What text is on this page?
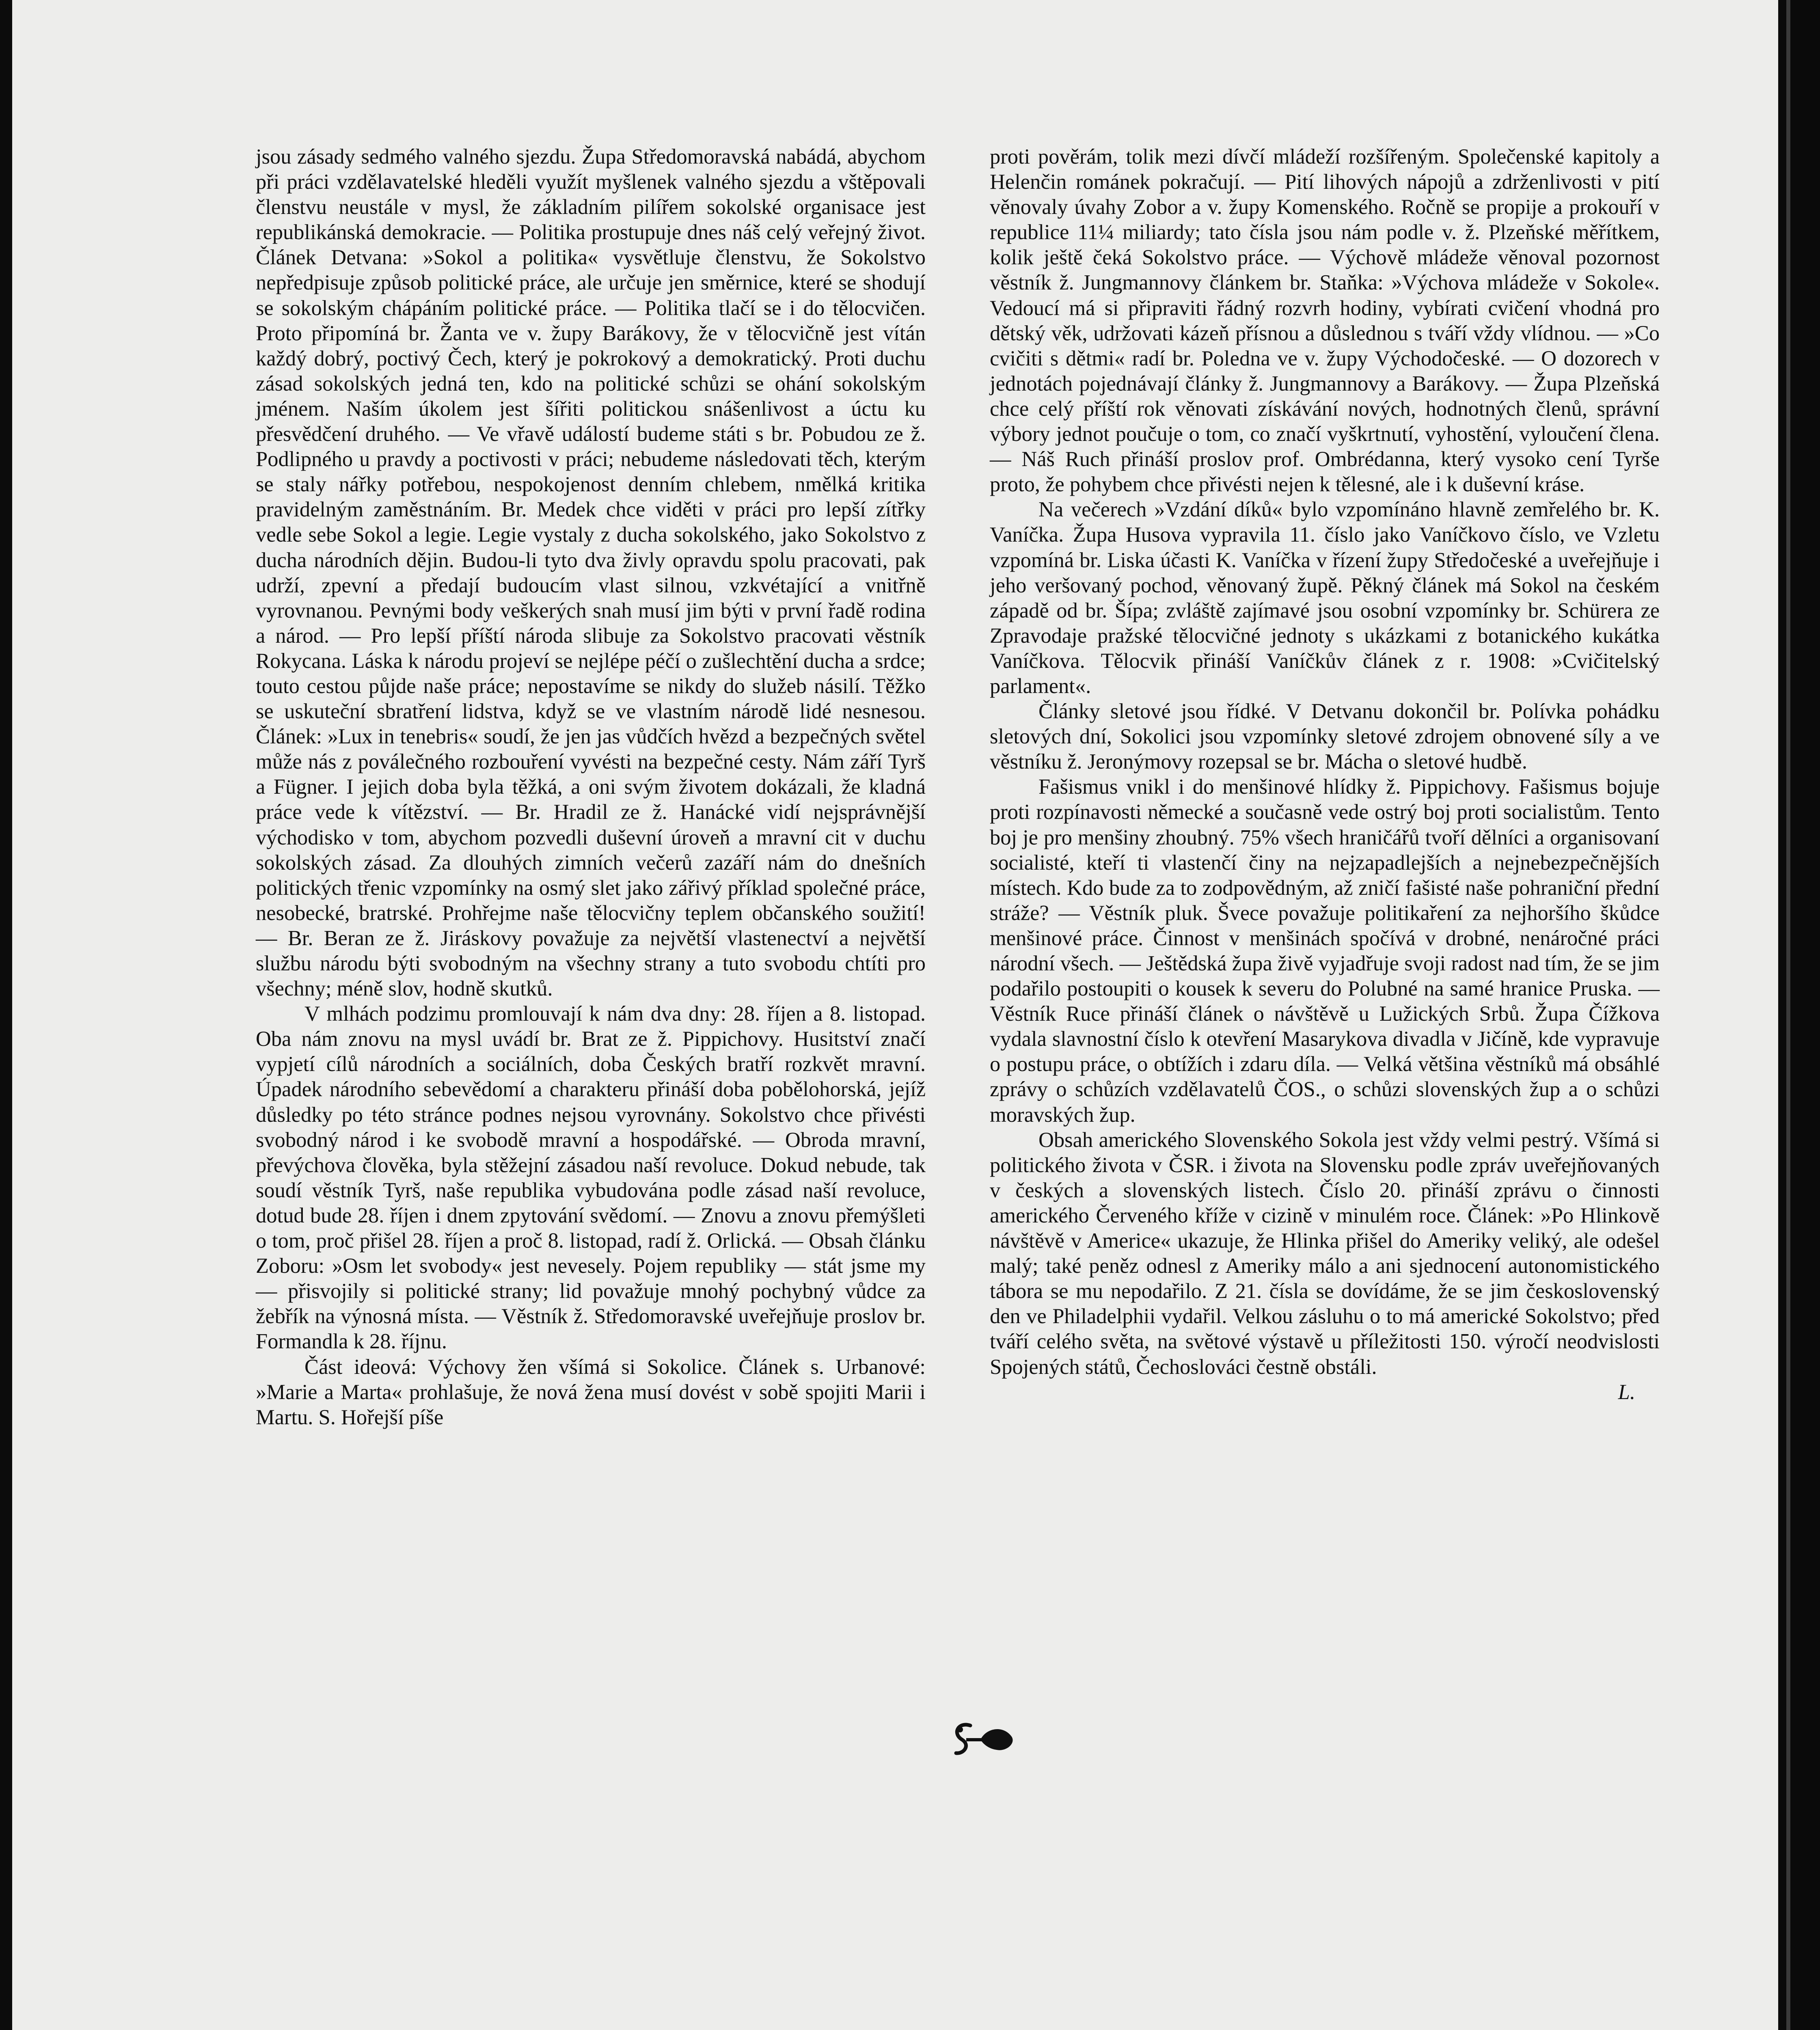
jsou zásady sedmého valného sjezdu. Župa Středomoravská nabádá, abychom při práci vzdělavatelské hleděli využít myšlenek valného sjezdu a vštěpovali členstvu neustále v mysl, že základním pilířem sokolské organisace jest republikánská demokracie. — Politika prostupuje dnes náš celý veřejný život. Článek Detvana: »Sokol a politika« vysvětluje členstvu, že Sokolstvo nepředpisuje způsob politické práce, ale určuje jen směrnice, které se shodují se sokolským chápáním politické práce. — Politika tlačí se i do tělocvičen. Proto připomíná br. Žanta ve v. župy Barákovy, že v tělocvičně jest vítán každý dobrý, poctivý Čech, který je pokrokový a demokratický. Proti duchu zásad sokolských jedná ten, kdo na politické schůzi se ohání sokolským jménem. Naším úkolem jest šířiti politickou snášenlivost a úctu ku přesvědčení druhého. — Ve vřavě událostí budeme státi s br. Pobudou ze ž. Podlipného u pravdy a poctivosti v práci; nebudeme následovati těch, kterým se staly nářky potřebou, nespokojenost denním chlebem, nmělká kritika pravidelným zaměstnáním. Br. Medek chce viděti v práci pro lepší zítřky vedle sebe Sokol a legie. Legie vystaly z ducha sokolského, jako Sokolstvo z ducha národních dějin. Budou-li tyto dva živly opravdu spolu pracovati, pak udrží, zpevní a předají budoucím vlast silnou, vzkvétající a vnitřně vyrovnanou. Pevnými body veškerých snah musí jim býti v první řadě rodina a národ. — Pro lepší příští národa slibuje za Sokolstvo pracovati věstník Rokycana. Láska k národu projeví se nejlépe péčí o zušlechtění ducha a srdce; touto cestou půjde naše práce; nepostavíme se nikdy do služeb násilí. Těžko se uskuteční sbratření lidstva, když se ve vlastním národě lidé nesnesou. Článek: »Lux in tenebris« soudí, že jen jas vůdčích hvězd a bezpečných světel může nás z poválečného rozbouření vyvésti na bezpečné cesty. Nám září Tyrš a Fügner. I jejich doba byla těžká, a oni svým životem dokázali, že kladná práce vede k vítězství. — Br. Hradil ze ž. Hanácké vidí nejsprávnější východisko v tom, abychom pozvedli duševní úroveň a mravní cit v duchu sokolských zásad. Za dlouhých zimních večerů zazáří nám do dnešních politických třenic vzpomínky na osmý slet jako zářivý příklad společné práce, nesobecké, bratrské. Prohřejme naše tělocvičny teplem občanského soužití! — Br. Beran ze ž. Jiráskovy považuje za největší vlastenectví a největší službu národu býti svobodným na všechny strany a tuto svobodu chtíti pro všechny; méně slov, hodně skutků.

V mlhách podzimu promlouvají k nám dva dny: 28. říjen a 8. listopad. Oba nám znovu na mysl uvádí br. Brat ze ž. Pippichovy. Husitství značí vypjetí cílů národních a sociálních, doba Českých bratří rozkvět mravní. Úpadek národního sebevědomí a charakteru přináší doba pobělohorská, jejíž důsledky po této stránce podnes nejsou vyrovnány. Sokolstvo chce přivésti svobodný národ i ke svobodě mravní a hospodářské. — Obroda mravní, převýchova člověka, byla stěžejní zásadou naší revoluce. Dokud nebude, tak soudí věstník Tyrš, naše republika vybudována podle zásad naší revoluce, dotud bude 28. říjen i dnem zpytování svědomí. — Znovu a znovu přemýšleti o tom, proč přišel 28. říjen a proč 8. listopad, radí ž. Orlická. — Obsah článku Zoboru: »Osm let svobody« jest nevesely. Pojem republiky — stát jsme my — přisvojily si politické strany; lid považuje mnohý pochybný vůdce za žebřík na výnosná místa. — Věstník ž. Středomoravské uveřejňuje proslov br. Formandla k 28. říjnu.

Část ideová: Výchovy žen všímá si Sokolice. Článek s. Urbanové: »Marie a Marta« prohlašuje, že nová žena musí dovést v sobě spojiti Marii i Martu. S. Hořejší píše

proti pověrám, tolik mezi dívčí mládeží rozšířeným. Společenské kapitoly a Helenčin románek pokračují. — Pití lihových nápojů a zdrženlivosti v pití věnovaly úvahy Zobor a v. župy Komenského. Ročně se propije a prokouří v republice 11¼ miliardy; tato čísla jsou nám podle v. ž. Plzeňské měřítkem, kolik ještě čeká Sokolstvo práce. — Výchově mládeže věnoval pozornost věstník ž. Jungmannovy článkem br. Staňka: »Výchova mládeže v Sokole«. Vedoucí má si připraviti řádný rozvrh hodiny, vybírati cvičení vhodná pro dětský věk, udržovati kázeň přísnou a důslednou s tváří vždy vlídnou. — »Co cvičiti s dětmi« radí br. Poledna ve v. župy Východočeské. — O dozorech v jednotách pojednávají články ž. Jungmannovy a Barákovy. — Župa Plzeňská chce celý příští rok věnovati získávání nových, hodnotných členů, správní výbory jednot poučuje o tom, co značí vyškrtnutí, vyhostění, vyloučení člena. — Náš Ruch přináší proslov prof. Ombrédanna, který vysoko cení Tyrše proto, že pohybem chce přivésti nejen k tělesné, ale i k duševní kráse.

Na večerech »Vzdání díků« bylo vzpomínáno hlavně zemřelého br. K. Vaníčka. Župa Husova vypravila 11. číslo jako Vaníčkovo číslo, ve Vzletu vzpomíná br. Liska účasti K. Vaníčka v řízení župy Středočeské a uveřejňuje i jeho veršovaný pochod, věnovaný župě. Pěkný článek má Sokol na českém západě od br. Šípa; zvláště zajímavé jsou osobní vzpomínky br. Schürera ze Zpravodaje pražské tělocvičné jednoty s ukázkami z botanického kukátka Vaníčkova. Tělocvik přináší Vaníčkův článek z r. 1908: »Cvičitelský parlament«.

Články sletové jsou řídké. V Detvanu dokončil br. Polívka pohádku sletových dní, Sokolici jsou vzpomínky sletové zdrojem obnovené síly a ve věstníku ž. Jeronýmovy rozepsal se br. Mácha o sletové hudbě.

Fašismus vnikl i do menšinové hlídky ž. Pippichovy. Fašismus bojuje proti rozpínavosti německé a současně vede ostrý boj proti socialistům. Tento boj je pro menšiny zhoubný. 75% všech hraničářů tvoří dělníci a organisovaní socialisté, kteří ti vlastenčí činy na nejzapadlejších a nejnebezpečnějších místech. Kdo bude za to zodpovědným, až zničí fašisté naše pohraniční přední stráže? — Věstník pluk. Švece považuje politikaření za nejhoršího škůdce menšinové práce. Činnost v menšinách spočívá v drobné, nenáročné práci národní všech. — Ještědská župa živě vyjadřuje svoji radost nad tím, že se jim podařilo postoupiti o kousek k severu do Polubné na samé hranice Pruska. — Věstník Ruce přináší článek o návštěvě u Lužických Srbů. Župa Čížkova vydala slavnostní číslo k otevření Masarykova divadla v Jičíně, kde vypravuje o postupu práce, o obtížích i zdaru díla. — Velká většina věstníků má obsáhlé zprávy o schůzích vzdělavatelů ČOS., o schůzi slovenských žup a o schůzi moravských žup.

Obsah amerického Slovenského Sokola jest vždy velmi pestrý. Všímá si politického života v ČSR. i života na Slovensku podle zpráv uveřejňovaných v českých a slovenských listech. Číslo 20. přináší zprávu o činnosti amerického Červeného kříže v cizině v minulém roce. Článek: »Po Hlinkově návštěvě v Americe« ukazuje, že Hlinka přišel do Ameriky veliký, ale odešel malý; také peněz odnesl z Ameriky málo a ani sjednocení autonomistického tábora se mu nepodařilo. Z 21. čísla se dovídáme, že se jim československý den ve Philadelphii vydařil. Velkou zásluhu o to má americké Sokolstvo; před tváří celého světa, na světové výstavě u příležitosti 150. výročí neodvislosti Spojených států, Čechoslováci čestně obstáli.

L.
